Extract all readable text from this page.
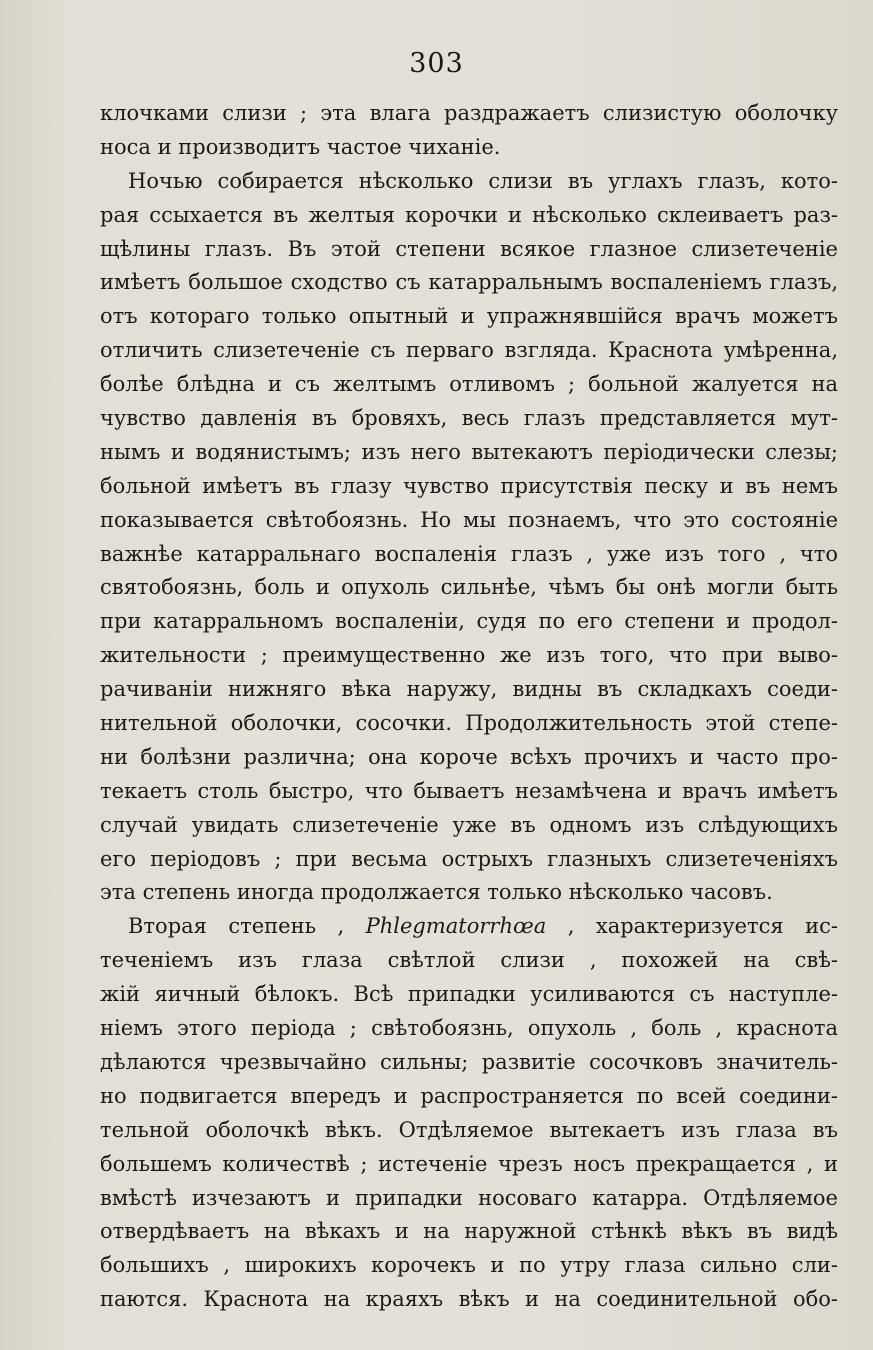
303
клочками слизи ; эта влага раздражаетъ слизистую оболочку
носа и производитъ частое чиханіе.
Ночью собирается нѣсколько слизи въ углахъ глазъ, кото-
рая ссыхается въ желтыя корочки и нѣсколько склеиваетъ раз-
щѣлины глазъ. Въ этой степени всякое глазное слизетеченіе
имѣетъ большое сходство съ катарральнымъ воспаленіемъ глазъ,
отъ котораго только опытный и упражнявшійся врачъ можетъ
отличить слизетеченіе съ перваго взгляда. Краснота умѣренна,
болѣе блѣдна и съ желтымъ отливомъ ; больной жалуется на
чувство давленія въ бровяхъ, весь глазъ представляется мут-
нымъ и водянистымъ; изъ него вытекаютъ періодически слезы;
больной имѣетъ въ глазу чувство присутствія песку и въ немъ
показывается свѣтобоязнь. Но мы познаемъ, что это состояніе
важнѣе катарральнаго воспаленія глазъ , уже изъ того , что
святобоязнь, боль и опухоль сильнѣе, чѣмъ бы онѣ могли быть
при катарральномъ воспаленіи, судя по его степени и продол-
жительности ; преимущественно же изъ того, что при выво-
рачиваніи нижняго вѣка наружу, видны въ складкахъ соеди-
нительной оболочки, сосочки. Продолжительность этой степе-
ни болѣзни различна; она короче всѣхъ прочихъ и часто про-
текаетъ столь быстро, что бываетъ незамѣчена и врачъ имѣетъ
случай увидать слизетеченіе уже въ одномъ изъ слѣдующихъ
его періодовъ ; при весьма острыхъ глазныхъ слизетеченіяхъ
эта степень иногда продолжается только нѣсколько часовъ.
Вторая степень , Phlegmatorrhœa , характеризуется ис-
теченіемъ изъ глаза свѣтлой слизи , похожей на свѣ-
жій яичный бѣлокъ. Всѣ припадки усиливаются съ наступле-
ніемъ этого періода ; свѣтобоязнь, опухоль , боль , краснота
дѣлаются чрезвычайно сильны; развитіе сосочковъ значитель-
но подвигается впередъ и распространяется по всей соедини-
тельной оболочкѣ вѣкъ. Отдѣляемое вытекаетъ изъ глаза въ
большемъ количествѣ ; истеченіе чрезъ носъ прекращается , и
вмѣстѣ изчезаютъ и припадки носоваго катарра. Отдѣляемое
отвердѣваетъ на вѣкахъ и на наружной стѣнкѣ вѣкъ въ видѣ
большихъ , широкихъ корочекъ и по утру глаза сильно сли-
паются. Краснота на краяхъ вѣкъ и на соединительной обо-
